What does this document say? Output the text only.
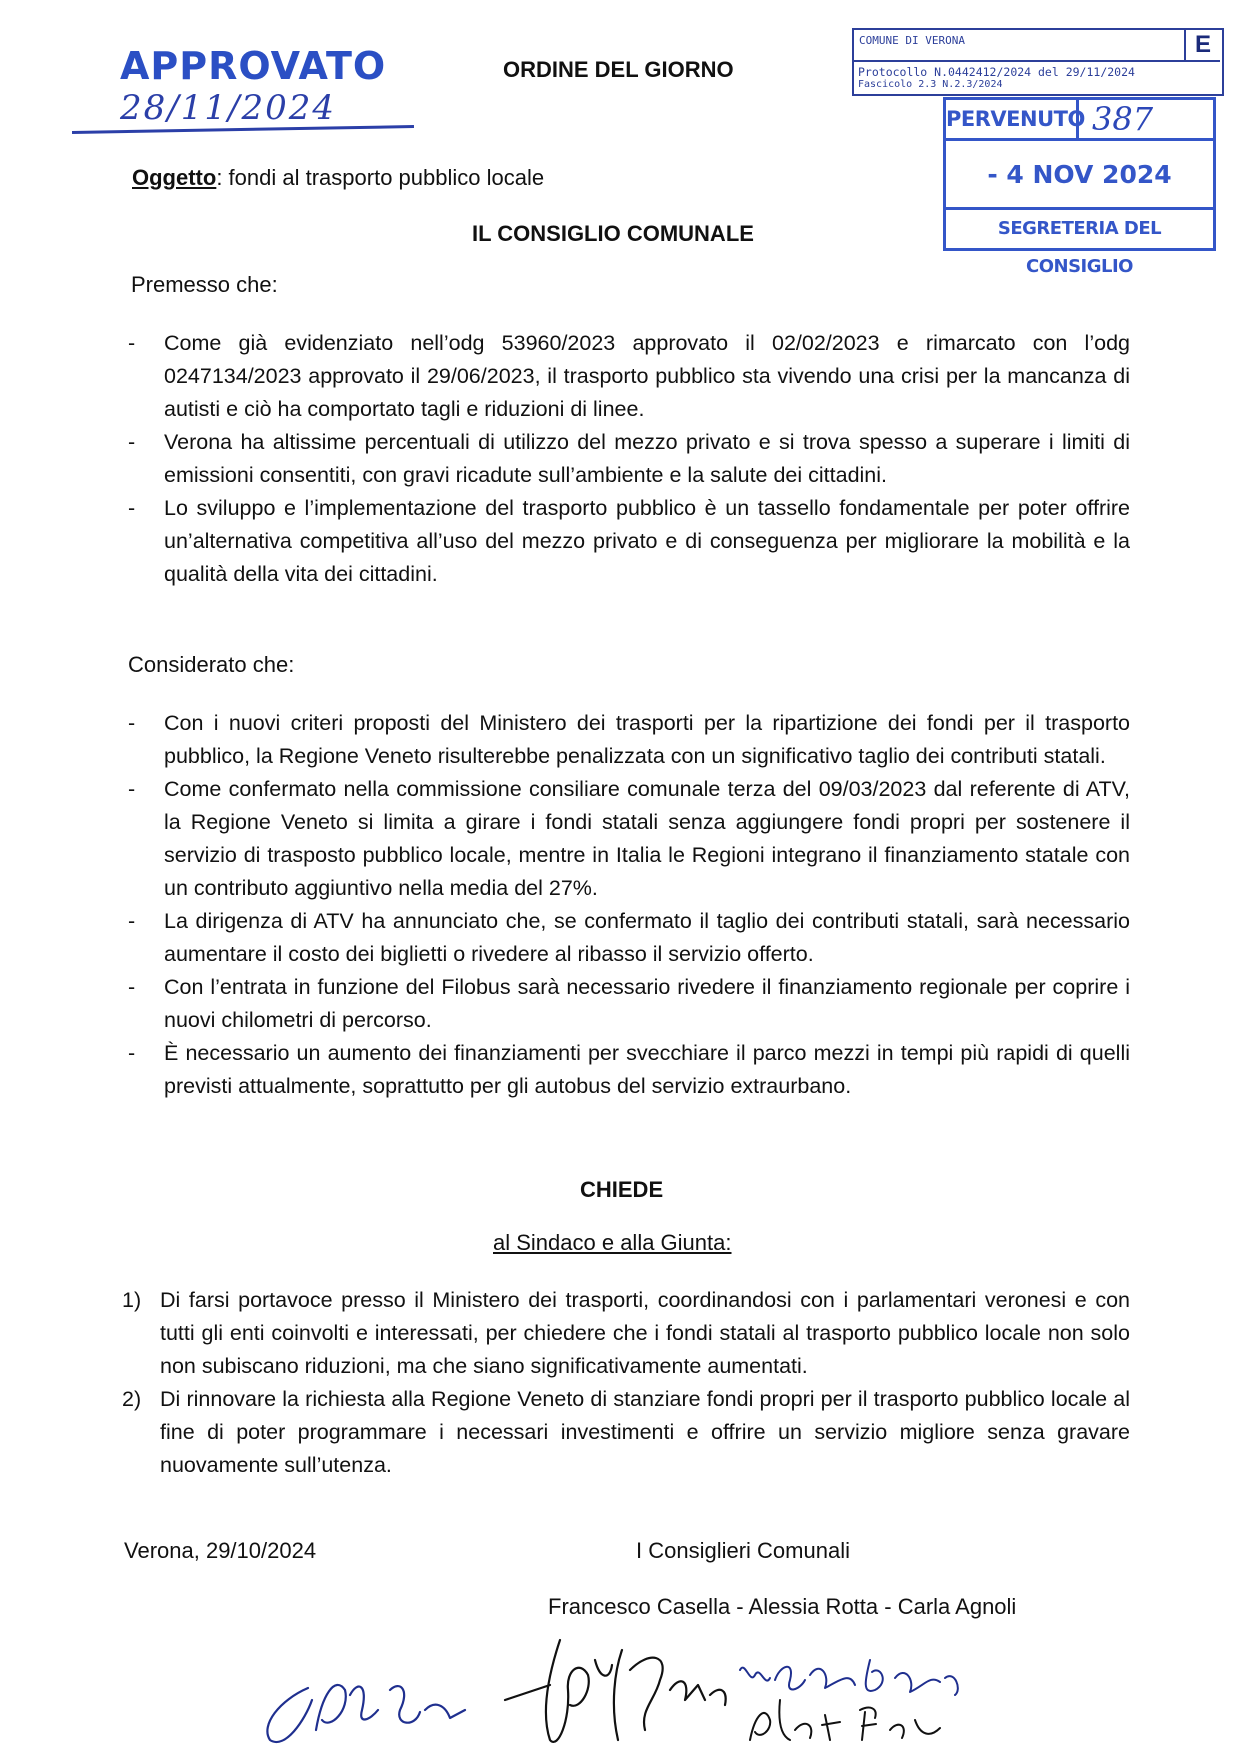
APPROVATO
28/11/2024
ORDINE DEL GIORNO
COMUNE DI VERONA	E
Protocollo N.0442412/2024 del 29/11/2024
Fascicolo 2.3 N.2.3/2024
PERVENUTO 387
- 4 NOV 2024
SEGRETERIA DEL CONSIGLIO
Oggetto: fondi al trasporto pubblico locale
IL CONSIGLIO COMUNALE
Premesso che:
- Come già evidenziato nell’odg 53960/2023 approvato il 02/02/2023 e rimarcato con l’odg 0247134/2023 approvato il 29/06/2023, il trasporto pubblico sta vivendo una crisi per la mancanza di autisti e ciò ha comportato tagli e riduzioni di linee.
- Verona ha altissime percentuali di utilizzo del mezzo privato e si trova spesso a superare i limiti di emissioni consentiti, con gravi ricadute sull’ambiente e la salute dei cittadini.
- Lo sviluppo e l’implementazione del trasporto pubblico è un tassello fondamentale per poter offrire un’alternativa competitiva all’uso del mezzo privato e di conseguenza per migliorare la mobilità e la qualità della vita dei cittadini.
Considerato che:
- Con i nuovi criteri proposti del Ministero dei trasporti per la ripartizione dei fondi per il trasporto pubblico, la Regione Veneto risulterebbe penalizzata con un significativo taglio dei contributi statali.
- Come confermato nella commissione consiliare comunale terza del 09/03/2023 dal referente di ATV, la Regione Veneto si limita a girare i fondi statali senza aggiungere fondi propri per sostenere il servizio di trasposto pubblico locale, mentre in Italia le Regioni integrano il finanziamento statale con un contributo aggiuntivo nella media del 27%.
- La dirigenza di ATV ha annunciato che, se confermato il taglio dei contributi statali, sarà necessario aumentare il costo dei biglietti o rivedere al ribasso il servizio offerto.
- Con l’entrata in funzione del Filobus sarà necessario rivedere il finanziamento regionale per coprire i nuovi chilometri di percorso.
- È necessario un aumento dei finanziamenti per svecchiare il parco mezzi in tempi più rapidi di quelli previsti attualmente, soprattutto per gli autobus del servizio extraurbano.
CHIEDE
al Sindaco e alla Giunta:
1) Di farsi portavoce presso il Ministero dei trasporti, coordinandosi con i parlamentari veronesi e con tutti gli enti coinvolti e interessati, per chiedere che i fondi statali al trasporto pubblico locale non solo non subiscano riduzioni, ma che siano significativamente aumentati.
2) Di rinnovare la richiesta alla Regione Veneto di stanziare fondi propri per il trasporto pubblico locale al fine di poter programmare i necessari investimenti e offrire un servizio migliore senza gravare nuovamente sull’utenza.
Verona, 29/10/2024	I Consiglieri Comunali
Francesco Casella - Alessia Rotta - Carla Agnoli
